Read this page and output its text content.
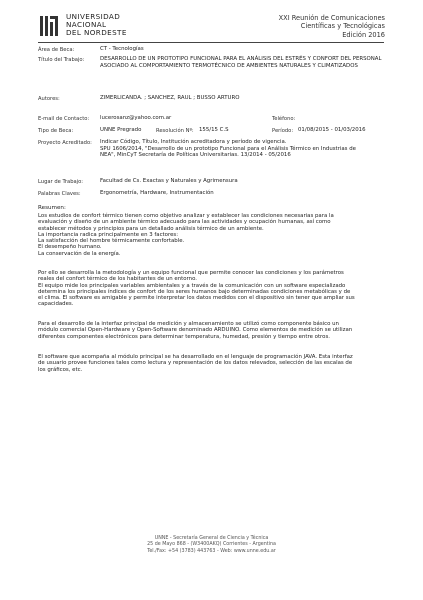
UNIVERSIDAD
NACIONAL
DEL NORDESTE
XXI Reunión de Comunicaciones
Científicas y Tecnológicas
Edición 2016
Área de Beca:	CT - Tecnologías
Título del Trabajo:	DESARROLLO DE UN PROTOTIPO FUNCIONAL PARA EL ANÁLISIS DEL ESTRÉS Y CONFORT DEL PERSONAL ASOCIADO AL COMPORTAMIENTO TERMOTÉCNICO DE AMBIENTES NATURALES Y CLIMATIZADOS
Autores:	ZIMERLICANDA. ; SANCHEZ, RAUL ; BUSSO ARTURO
E-mail de Contacto: lucerosanz@yahoo.com.ar	Teléfono:
Tipo de Beca:	UNNE Pregrado	Resolución Nº: 155/15 C.S	Período: 01/08/2015 - 01/03/2016
Proyecto Acreditado: Indicar Código, Título, Institución acreditadora y período de vigencia.
SPU 1606/2014, "Desarrollo de un prototipo Funcional para el Análisis Térmico en Industrias de
NEA", MinCyT Secretaría de Políticas Universitarias. 13/2014 - 05/2016
Lugar de Trabajo:	Facultad de Cs. Exactas y Naturales y Agrimensura
Palabras Claves:	Ergonometría, Hardware, Instrumentación
Resumen:
Los estudios de confort térmico tienen como objetivo analizar y establecer las condiciones necesarias para la
evaluación y diseño de un ambiente térmico adecuado para las actividades y ocupación humanas, así como
establecer métodos y principios para un detallado análisis térmico de un ambiente.
La importancia radica principalmente en 3 factores:
La satisfacción del hombre térmicamente confortable.
El desempeño humano.
La conservación de la energía.
Por ello se desarrolla la metodología y un equipo funcional que permite conocer las condiciones y los parámetros
reales del confort térmico de los habitantes de un entorno.
El equipo mide los principales variables ambientales y a través de la comunicación con un software especializado
determina los principales índices de confort de los seres humanos bajo determinadas condiciones metabólicas y de
el clima. El software es amigable y permite interpretar los datos medidos con el dispositivo sin tener que ampliar sus
capacidades.
Para el desarrollo de la interfaz principal de medición y almacenamiento se utilizó como componente básico un
módulo comercial Open-Hardware y Open-Software denominado ARDUINO. Como elementos de medición se utilizan
diferentes componentes electrónicos para determinar temperatura, humedad, presión y tiempo entre otros.
El software que acompaña al módulo principal se ha desarrollado en el lenguaje de programación JAVA. Esta interfaz
de usuario provee funciones tales como lectura y representación de los datos relevados, selección de las escalas de
los gráficos, etc.
UNNE - Secretaría General de Ciencia y Técnica
25 de Mayo 868 - (W3400AKQ) Corrientes - Argentina
Tel./Fax: +54 (3783) 443763 - Web: www.unne.edu.ar
